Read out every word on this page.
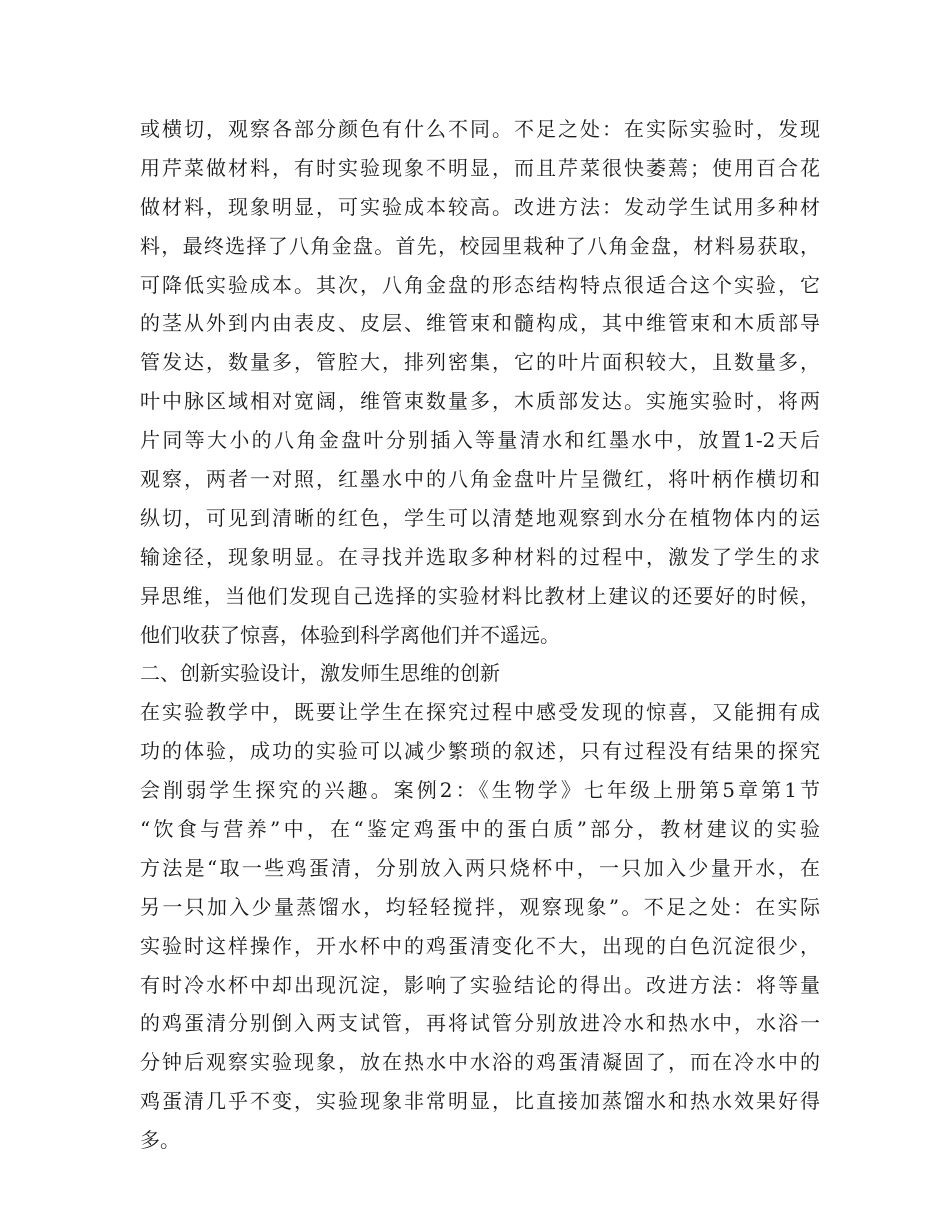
或横切，观察各部分颜色有什么不同。不足之处：在实际实验时，发现
用芹菜做材料，有时实验现象不明显，而且芹菜很快萎蔫；使用百合花
做材料，现象明显，可实验成本较高。改进方法：发动学生试用多种材
料，最终选择了八角金盘。首先，校园里栽种了八角金盘，材料易获取，
可降低实验成本。其次，八角金盘的形态结构特点很适合这个实验，它
的茎从外到内由表皮、皮层、维管束和髓构成，其中维管束和木质部导
管发达，数量多，管腔大，排列密集，它的叶片面积较大，且数量多，
叶中脉区域相对宽阔，维管束数量多，木质部发达。实施实验时，将两
片同等大小的八角金盘叶分别插入等量清水和红墨水中，放置1-2天后
观察，两者一对照，红墨水中的八角金盘叶片呈微红，将叶柄作横切和
纵切，可见到清晰的红色，学生可以清楚地观察到水分在植物体内的运
输途径，现象明显。在寻找并选取多种材料的过程中，激发了学生的求
异思维，当他们发现自己选择的实验材料比教材上建议的还要好的时候，
他们收获了惊喜，体验到科学离他们并不遥远。
二、创新实验设计，激发师生思维的创新
在实验教学中，既要让学生在探究过程中感受发现的惊喜，又能拥有成
功的体验，成功的实验可以减少繁琐的叙述，只有过程没有结果的探究
会削弱学生探究的兴趣。案例2：《生物学》七年级上册第5章第1节
“饮食与营养”中，在“鉴定鸡蛋中的蛋白质”部分，教材建议的实验
方法是“取一些鸡蛋清，分别放入两只烧杯中，一只加入少量开水，在
另一只加入少量蒸馏水，均轻轻搅拌，观察现象”。不足之处：在实际
实验时这样操作，开水杯中的鸡蛋清变化不大，出现的白色沉淀很少，
有时冷水杯中却出现沉淀，影响了实验结论的得出。改进方法：将等量
的鸡蛋清分别倒入两支试管，再将试管分别放进冷水和热水中，水浴一
分钟后观察实验现象，放在热水中水浴的鸡蛋清凝固了，而在冷水中的
鸡蛋清几乎不变，实验现象非常明显，比直接加蒸馏水和热水效果好得
多。
